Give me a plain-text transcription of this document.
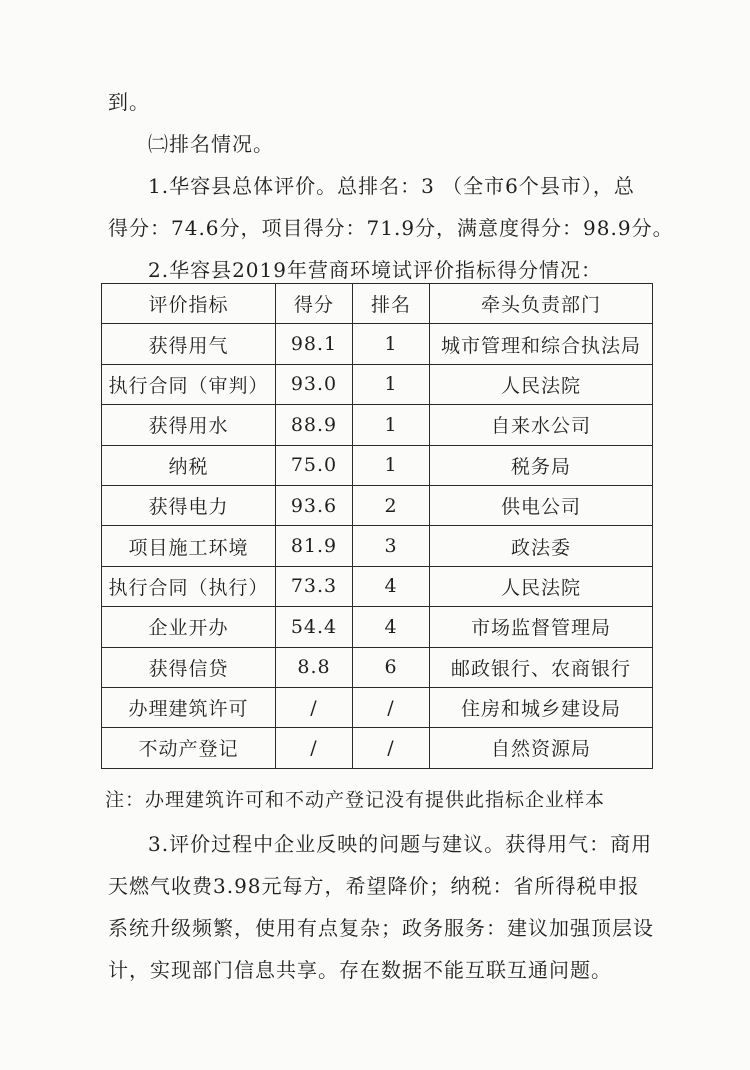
到。
㈡排名情况。
1.华容县总体评价。总排名：3 （全市6个县市），总
得分：74.6分，项目得分：71.9分，满意度得分：98.9分。
2.华容县2019年营商环境试评价指标得分情况：
评价指标	得分	排名	牵头负责部门
获得用气	98.1	1	城市管理和综合执法局
执行合同（审判）	93.0	1	人民法院
获得用水	88.9	1	自来水公司
纳税	75.0	1	税务局
获得电力	93.6	2	供电公司
项目施工环境	81.9	3	政法委
执行合同（执行）	73.3	4	人民法院
企业开办	54.4	4	市场监督管理局
获得信贷	8.8	6	邮政银行、农商银行
办理建筑许可	/	/	住房和城乡建设局
不动产登记	/	/	自然资源局
注：办理建筑许可和不动产登记没有提供此指标企业样本
3.评价过程中企业反映的问题与建议。获得用气：商用
天燃气收费3.98元每方，希望降价；纳税：省所得税申报
系统升级频繁，使用有点复杂；政务服务：建议加强顶层设
计，实现部门信息共享。存在数据不能互联互通问题。
